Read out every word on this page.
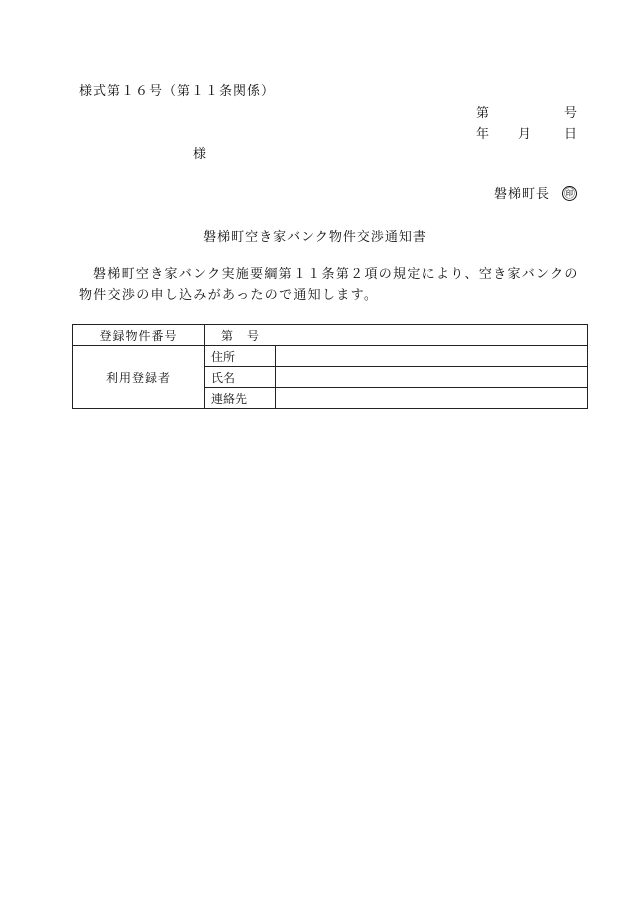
様式第１６号（第１１条関係）
第	号
年 月	日
様
磐梯町長 ㊞
磐梯町空き家バンク物件交渉通知書
磐梯町空き家バンク実施要綱第１１条第２項の規定により、空き家バンクの物件交渉の申し込みがあったので通知します。
登録物件番号	第 号	
利用登録者	住所	
	氏名	
	連絡先	
